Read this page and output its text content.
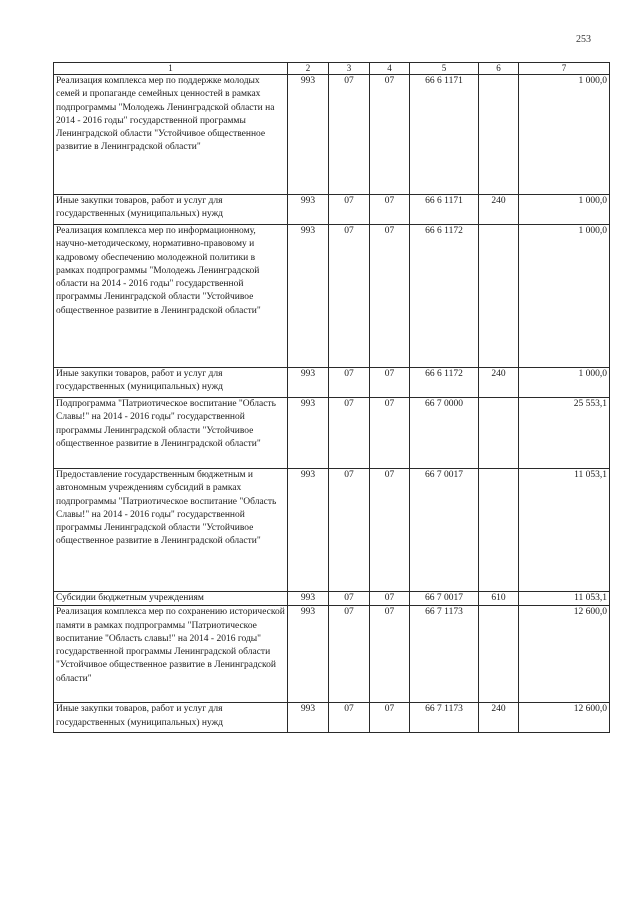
253
1	2	3	4	5	6	7
Реализация комплекса мер по поддержке молодых семей и пропаганде семейных ценностей в рамках подпрограммы "Молодежь Ленинградской области на 2014 - 2016 годы" государственной программы Ленинградской области "Устойчивое общественное развитие в Ленинградской области"	993	07	07	66 6 1171		1 000,0
Иные закупки товаров, работ и услуг для государственных (муниципальных) нужд	993	07	07	66 6 1171	240	1 000,0
Реализация комплекса мер по информационному, научно-методическому, нормативно-правовому и кадровому обеспечению молодежной политики в рамках подпрограммы "Молодежь Ленинградской области на 2014 - 2016 годы" государственной программы Ленинградской области "Устойчивое общественное развитие в Ленинградской области"	993	07	07	66 6 1172		1 000,0
Иные закупки товаров, работ и услуг для государственных (муниципальных) нужд	993	07	07	66 6 1172	240	1 000,0
Подпрограмма "Патриотическое воспитание "Область Славы!" на 2014 - 2016 годы" государственной программы Ленинградской области "Устойчивое общественное развитие в Ленинградской области"	993	07	07	66 7 0000		25 553,1
Предоставление государственным бюджетным и автономным учреждениям субсидий в рамках подпрограммы "Патриотическое воспитание "Область Славы!" на 2014 - 2016 годы" государственной программы Ленинградской области "Устойчивое общественное развитие в Ленинградской области"	993	07	07	66 7 0017		11 053,1
Субсидии бюджетным учреждениям	993	07	07	66 7 0017	610	11 053,1
Реализация комплекса мер по сохранению исторической памяти в рамках подпрограммы "Патриотическое воспитание "Область славы!" на 2014 - 2016 годы" государственной программы Ленинградской области "Устойчивое общественное развитие в Ленинградской области"	993	07	07	66 7 1173		12 600,0
Иные закупки товаров, работ и услуг для государственных (муниципальных) нужд	993	07	07	66 7 1173	240	12 600,0
